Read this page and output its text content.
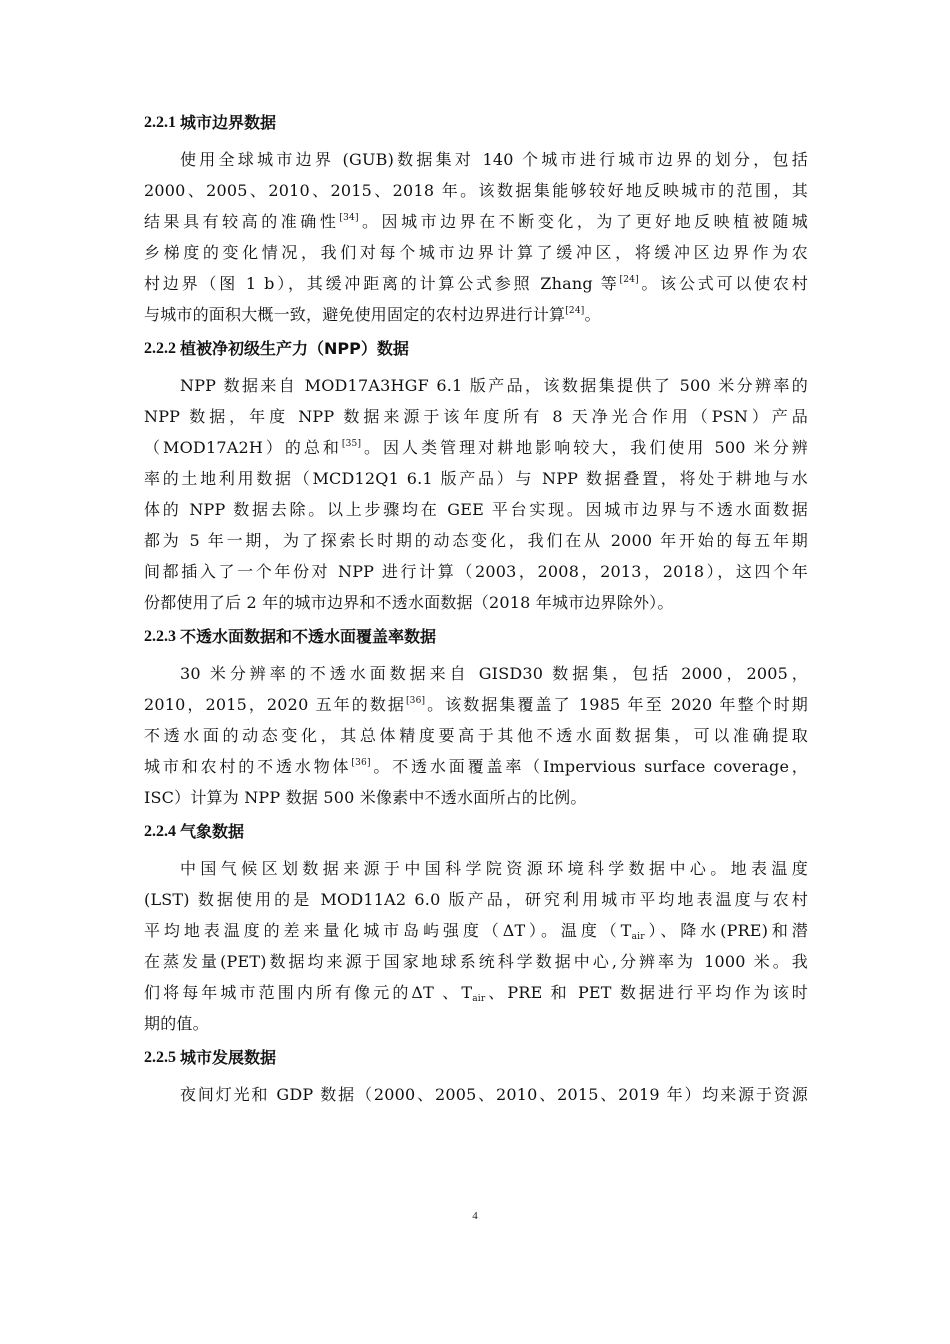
2.2.1 城市边界数据
使用全球城市边界 (GUB)数据集对 140 个城市进行城市边界的划分，包括
2000、2005、2010、2015、2018 年。该数据集能够较好地反映城市的范围，其
结果具有较高的准确性[34]。因城市边界在不断变化，为了更好地反映植被随城
乡梯度的变化情况，我们对每个城市边界计算了缓冲区，将缓冲区边界作为农
村边界（图 1 b），其缓冲距离的计算公式参照 Zhang 等[24]。该公式可以使农村
与城市的面积大概一致，避免使用固定的农村边界进行计算[24]。
2.2.2 植被净初级生产力（NPP）数据
NPP 数据来自 MOD17A3HGF 6.1 版产品，该数据集提供了 500 米分辨率的
NPP 数据，年度 NPP 数据来源于该年度所有 8 天净光合作用（PSN）产品
（MOD17A2H）的总和[35]。因人类管理对耕地影响较大，我们使用 500 米分辨
率的土地利用数据（MCD12Q1 6.1 版产品）与 NPP 数据叠置，将处于耕地与水
体的 NPP 数据去除。以上步骤均在 GEE 平台实现。因城市边界与不透水面数据
都为 5 年一期，为了探索长时期的动态变化，我们在从 2000 年开始的每五年期
间都插入了一个年份对 NPP 进行计算（2003，2008，2013，2018），这四个年
份都使用了后 2 年的城市边界和不透水面数据（2018 年城市边界除外）。
2.2.3 不透水面数据和不透水面覆盖率数据
30 米分辨率的不透水面数据来自 GISD30 数据集，包括 2000，2005，
2010，2015，2020 五年的数据[36]。该数据集覆盖了 1985 年至 2020 年整个时期
不透水面的动态变化，其总体精度要高于其他不透水面数据集，可以准确提取
城市和农村的不透水物体[36]。不透水面覆盖率（Impervious surface coverage，
ISC）计算为 NPP 数据 500 米像素中不透水面所占的比例。
2.2.4 气象数据
中国气候区划数据来源于中国科学院资源环境科学数据中心。地表温度
(LST) 数据使用的是 MOD11A2 6.0 版产品，研究利用城市平均地表温度与农村
平均地表温度的差来量化城市岛屿强度（ΔT）。温度$(T_{air})$、降水(PRE)和潜
在蒸发量(PET)数据均来源于国家地球系统科学数据中心,分辨率为 1000 米。我
们将每年城市范围内所有像元的ΔT 、$T_{air}$、PRE 和 PET 数据进行平均作为该时
期的值。
2.2.5 城市发展数据
夜间灯光和 GDP 数据（2000、2005、2010、2015、2019 年）均来源于资源
4
